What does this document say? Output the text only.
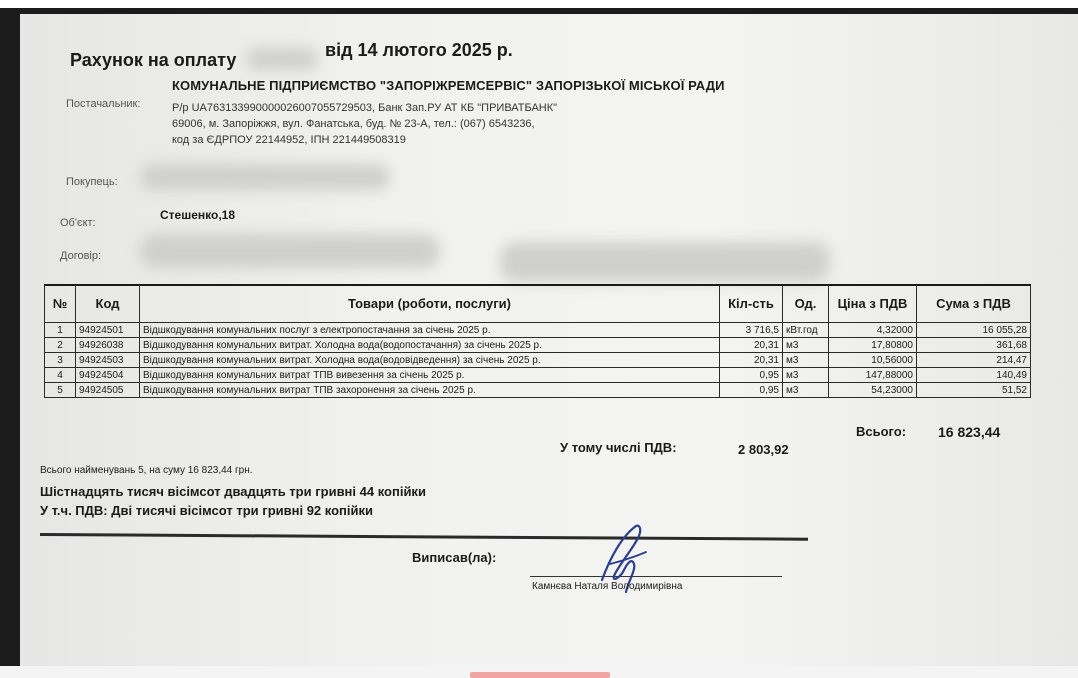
Рахунок на оплату	від 14 лютого 2025 р.
Постачальник:
КОМУНАЛЬНЕ ПІДПРИЄМСТВО "ЗАПОРІЖРЕМСЕРВІС" ЗАПОРІЗЬКОЇ МІСЬКОЇ РАДИ
Р/р UA763133990000026007055729503, Банк Зап.РУ АТ КБ "ПРИВАТБАНК"
69006, м. Запоріжжя, вул. Фанатська, буд. № 23-А, тел.: (067) 6543236,
код за ЄДРПОУ 22144952, ІПН 221449508319
Покупець:
Об'єкт:
Стешенко,18
Договір:
№	Код	Товари (роботи, послуги)	Кіл-сть	Од.	Ціна з ПДВ	Сума з ПДВ
1	94924501	Відшкодування комунальних послуг з електропостачання за січень 2025 р.	3 716,5	кВт.год	4,32000	16 055,28
2	94926038	Відшкодування комунальних витрат. Холодна вода(водопостачання) за січень 2025 р.	20,31	м3	17,80800	361,68
3	94924503	Відшкодування комунальних витрат. Холодна вода(водовідведення) за січень 2025 р.	20,31	м3	10,56000	214,47
4	94924504	Відшкодування комунальних витрат ТПВ вивезення за січень 2025 р.	0,95	м3	147,88000	140,49
5	94924505	Відшкодування комунальних витрат ТПВ захоронення за січень 2025 р.	0,95	м3	54,23000	51,52
Всього: 16 823,44
У тому числі ПДВ:	2 803,92
Всього найменувань 5, на суму 16 823,44 грн.
Шістнадцять тисяч вісімсот двадцять три гривні 44 копійки
У т.ч. ПДВ: Дві тисячі вісімсот три гривні 92 копійки
Виписав(ла):
Камнєва Наталя Володимирівна
